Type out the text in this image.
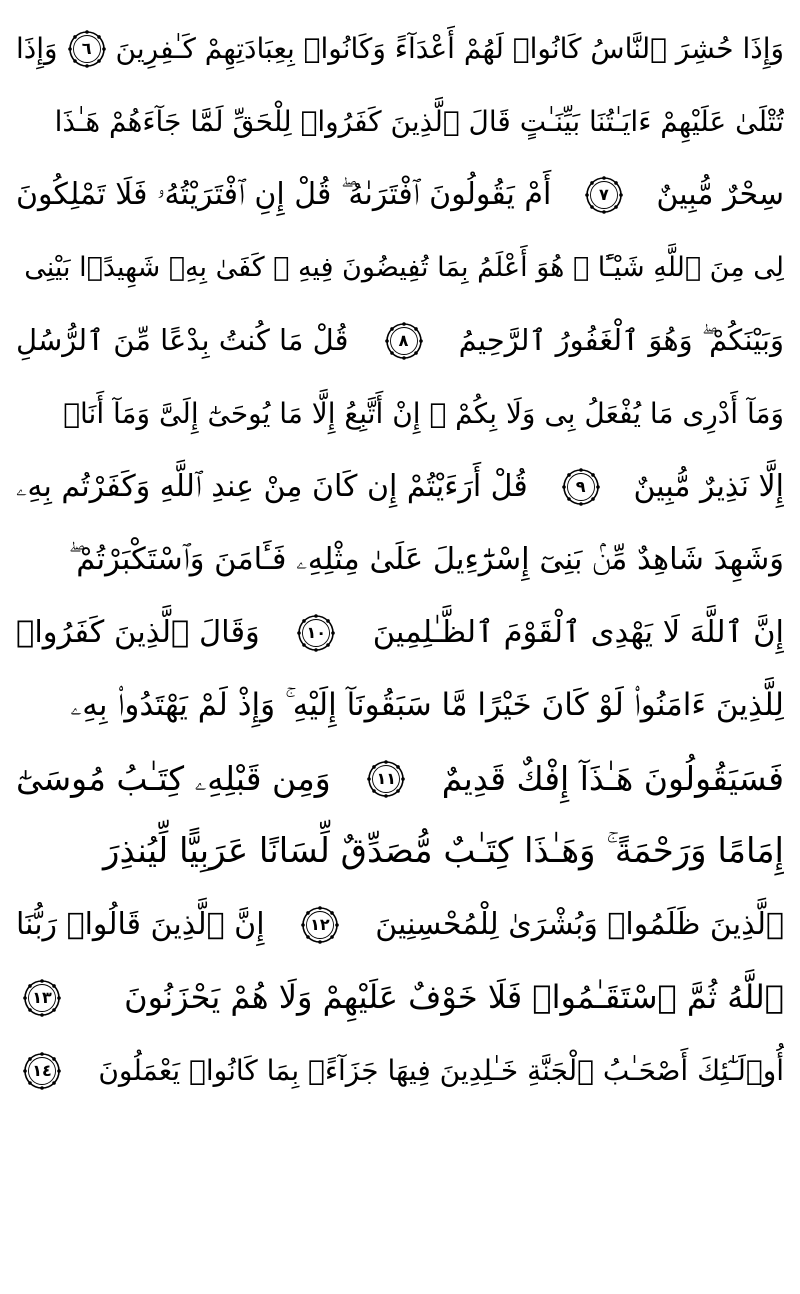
وَإِذَا حُشِرَ ٱلنَّاسُ كَانُوا۟ لَهُمْ أَعْدَآءً وَكَانُوا۟ بِعِبَادَتِهِمْ كَـٰفِرِينَ
٦
وَإِذَا
تُتْلَىٰ عَلَيْهِمْ ءَايَـٰتُنَا بَيِّنَـٰتٍ قَالَ ٱلَّذِينَ كَفَرُوا۟ لِلْحَقِّ لَمَّا جَآءَهُمْ هَـٰذَا
سِحْرٌ مُّبِينٌ
٧
أَمْ يَقُولُونَ ٱفْتَرَىٰهُ ۖ قُلْ إِنِ ٱفْتَرَيْتُهُۥ فَلَا تَمْلِكُونَ
لِى مِنَ ٱللَّهِ شَيْـًٔا ۖ هُوَ أَعْلَمُ بِمَا تُفِيضُونَ فِيهِ ۖ كَفَىٰ بِهِۦ شَهِيدًۢا بَيْنِى
وَبَيْنَكُمْ ۖ وَهُوَ ٱلْغَفُورُ ٱلرَّحِيمُ
٨
قُلْ مَا كُنتُ بِدْعًا مِّنَ ٱلرُّسُلِ
وَمَآ أَدْرِى مَا يُفْعَلُ بِى وَلَا بِكُمْ ۖ إِنْ أَتَّبِعُ إِلَّا مَا يُوحَىٰٓ إِلَىَّ وَمَآ أَنَا۠
إِلَّا نَذِيرٌ مُّبِينٌ
٩
قُلْ أَرَءَيْتُمْ إِن كَانَ مِنْ عِندِ ٱللَّهِ وَكَفَرْتُم بِهِۦ
وَشَهِدَ شَاهِدٌ مِّنۢ بَنِىٓ إِسْرَٰٓءِيلَ عَلَىٰ مِثْلِهِۦ فَـَٔامَنَ وَٱسْتَكْبَرْتُمْ ۖ
إِنَّ ٱللَّهَ لَا يَهْدِى ٱلْقَوْمَ ٱلظَّـٰلِمِينَ
١٠
وَقَالَ ٱلَّذِينَ كَفَرُوا۟
لِلَّذِينَ ءَامَنُوا۟ لَوْ كَانَ خَيْرًا مَّا سَبَقُونَآ إِلَيْهِ ۚ وَإِذْ لَمْ يَهْتَدُوا۟ بِهِۦ
فَسَيَقُولُونَ هَـٰذَآ إِفْكٌ قَدِيمٌ
١١
وَمِن قَبْلِهِۦ كِتَـٰبُ مُوسَىٰٓ
إِمَامًا وَرَحْمَةً ۚ وَهَـٰذَا كِتَـٰبٌ مُّصَدِّقٌ لِّسَانًا عَرَبِيًّا لِّيُنذِرَ
ٱلَّذِينَ ظَلَمُوا۟ وَبُشْرَىٰ لِلْمُحْسِنِينَ
١٢
إِنَّ ٱلَّذِينَ قَالُوا۟ رَبُّنَا
ٱللَّهُ ثُمَّ ٱسْتَقَـٰمُوا۟ فَلَا خَوْفٌ عَلَيْهِمْ وَلَا هُمْ يَحْزَنُونَ
١٣
أُو۟لَـٰٓئِكَ أَصْحَـٰبُ ٱلْجَنَّةِ خَـٰلِدِينَ فِيهَا جَزَآءًۢ بِمَا كَانُوا۟ يَعْمَلُونَ
١٤
